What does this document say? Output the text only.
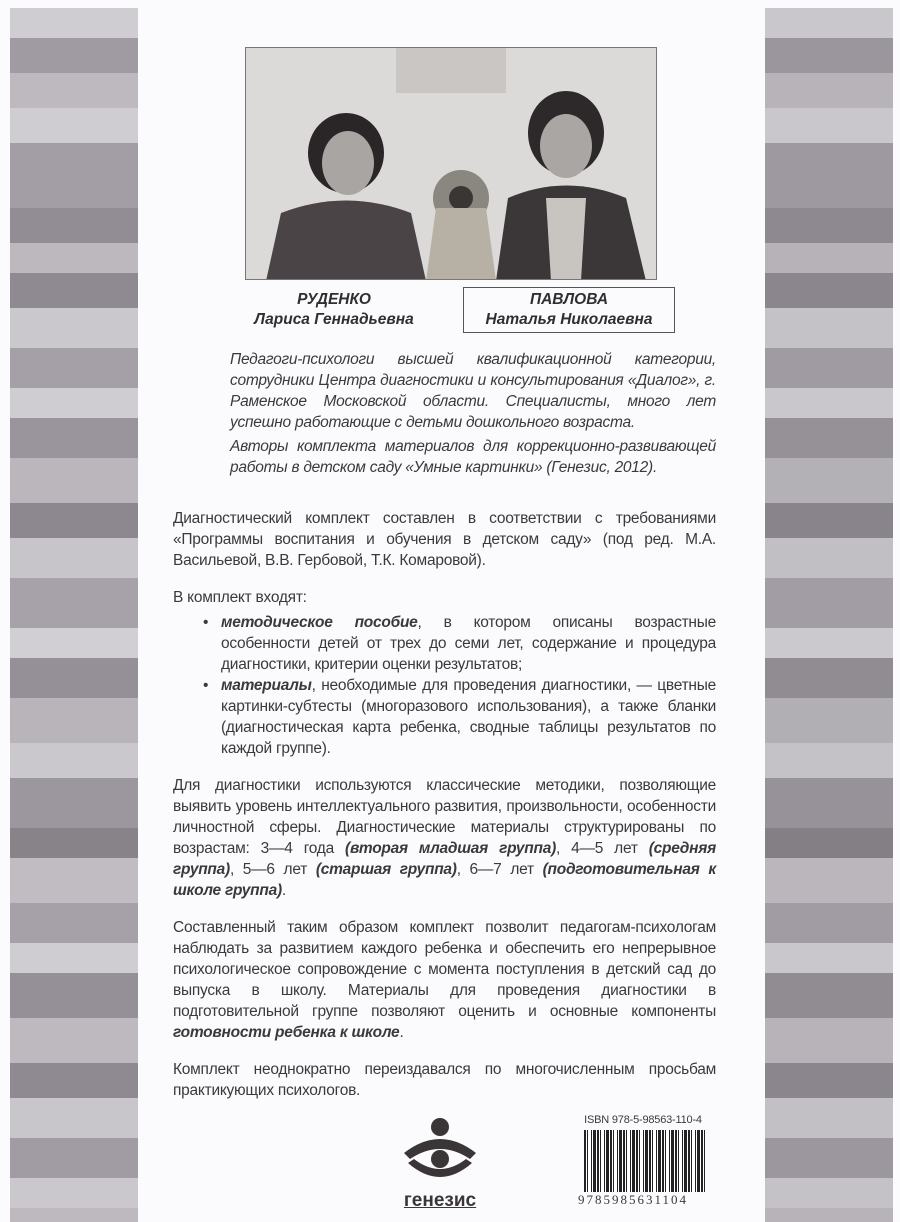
РУДЕНКО
Лариса Геннадьевна
ПАВЛОВА
Наталья Николаевна

Педагоги-психологи высшей квалификационной категории, сотрудники Центра диагностики и консультирования «Диалог», г. Раменское Московской области. Специалисты, много лет успешно работающие с детьми дошкольного возраста.

Авторы комплекта материалов для коррекционно-развивающей работы в детском саду «Умные картинки» (Генезис, 2012).

Диагностический комплект составлен в соответствии с требованиями «Программы воспитания и обучения в детском саду» (под ред. М.А. Васильевой, В.В. Гербовой, Т.К. Комаровой).

В комплект входят:

• методическое пособие, в котором описаны возрастные особенности детей от трех до семи лет, содержание и процедура диагностики, критерии оценки результатов;
• материалы, необходимые для проведения диагностики, — цветные картинки-субтесты (многоразового использования), а также бланки (диагностическая карта ребенка, сводные таблицы результатов по каждой группе).

Для диагностики используются классические методики, позволяющие выявить уровень интеллектуального развития, произвольности, особенности личностной сферы. Диагностические материалы структурированы по возрастам: 3—4 года (вторая младшая группа), 4—5 лет (средняя группа), 5—6 лет (старшая группа), 6—7 лет (подготовительная к школе группа).

Составленный таким образом комплект позволит педагогам-психологам наблюдать за развитием каждого ребенка и обеспечить его непрерывное психологическое сопровождение с момента поступления в детский сад до выпуска в школу. Материалы для проведения диагностики в подготовительной группе позволяют оценить и основные компоненты готовности ребенка к школе.

Комплект неоднократно переиздавался по многочисленным просьбам практикующих психологов.

генезис
ISBN 978-5-98563-110-4
9785985631104
